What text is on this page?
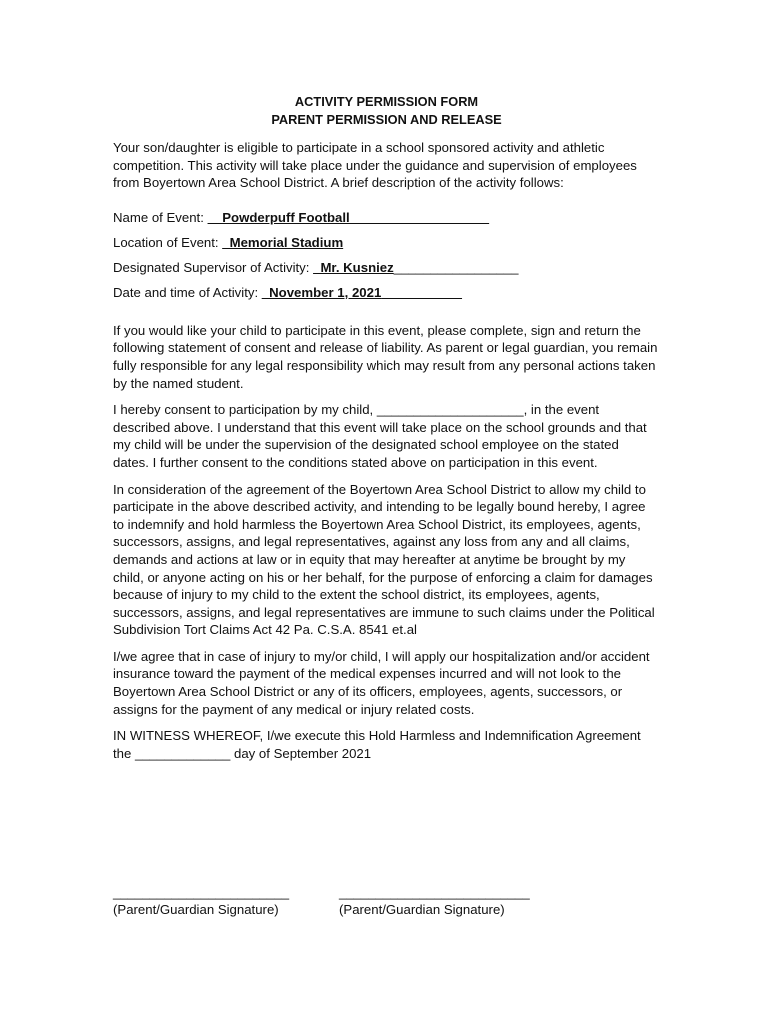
ACTIVITY PERMISSION FORM

PARENT PERMISSION AND RELEASE

Your son/daughter is eligible to participate in a school sponsored activity and athletic competition. This activity will take place under the guidance and supervision of employees from Boyertown Area School District. A brief description of the activity follows:

Name of Event: __Powderpuff Football___________________

Location of Event: _Memorial Stadium

Designated Supervisor of Activity: _Mr. Kusniez_________________

Date and time of Activity: _November 1, 2021___________

If you would like your child to participate in this event, please complete, sign and return the following statement of consent and release of liability. As parent or legal guardian, you remain fully responsible for any legal responsibility which may result from any personal actions taken by the named student.

I hereby consent to participation by my child, ____________________, in the event described above. I understand that this event will take place on the school grounds and that my child will be under the supervision of the designated school employee on the stated dates. I further consent to the conditions stated above on participation in this event.

In consideration of the agreement of the Boyertown Area School District to allow my child to participate in the above described activity, and intending to be legally bound hereby, I agree to indemnify and hold harmless the Boyertown Area School District, its employees, agents, successors, assigns, and legal representatives, against any loss from any and all claims, demands and actions at law or in equity that may hereafter at anytime be brought by my child, or anyone acting on his or her behalf, for the purpose of enforcing a claim for damages because of injury to my child to the extent the school district, its employees, agents, successors, assigns, and legal representatives are immune to such claims under the Political Subdivision Tort Claims Act 42 Pa. C.S.A. 8541 et.al

I/we agree that in case of injury to my/or child, I will apply our hospitalization and/or accident insurance toward the payment of the medical expenses incurred and will not look to the Boyertown Area School District or any of its officers, employees, agents, successors, or assigns for the payment of any medical or injury related costs.

IN WITNESS WHEREOF, I/we execute this Hold Harmless and Indemnification Agreement the _____________ day of September 2021

________________________
(Parent/Guardian Signature)
__________________________
(Parent/Guardian Signature)
